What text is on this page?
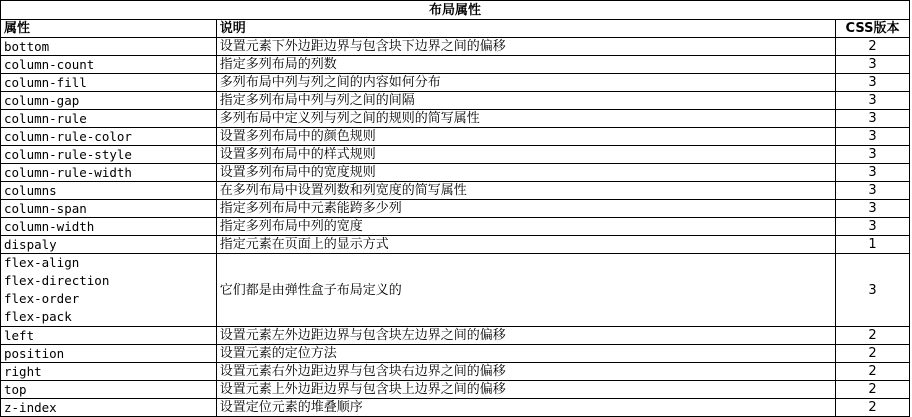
布局属性		
属性	说明	CSS版本
bottom	设置元素下外边距边界与包含块下边界之间的偏移	2
column-count	指定多列布局的列数	3
column-fill	多列布局中列与列之间的内容如何分布	3
column-gap	指定多列布局中列与列之间的间隔	3
column-rule	多列布局中定义列与列之间的规则的简写属性	3
column-rule-color	设置多列布局中的颜色规则	3
column-rule-style	设置多列布局中的样式规则	3
column-rule-width	设置多列布局中的宽度规则	3
columns	在多列布局中设置列数和列宽度的简写属性	3
column-span	指定多列布局中元素能跨多少列	3
column-width	指定多列布局中列的宽度	3
dispaly	指定元素在页面上的显示方式	1

flex-align
flex-direction
flex-order
flex-pack	它们都是由弹性盒子布局定义的	3
left	设置元素左外边距边界与包含块左边界之间的偏移	2
position	设置元素的定位方法	2
right	设置元素右外边距边界与包含块右边界之间的偏移	2
top	设置元素上外边距边界与包含块上边界之间的偏移	2
z-index	设置定位元素的堆叠顺序	2
